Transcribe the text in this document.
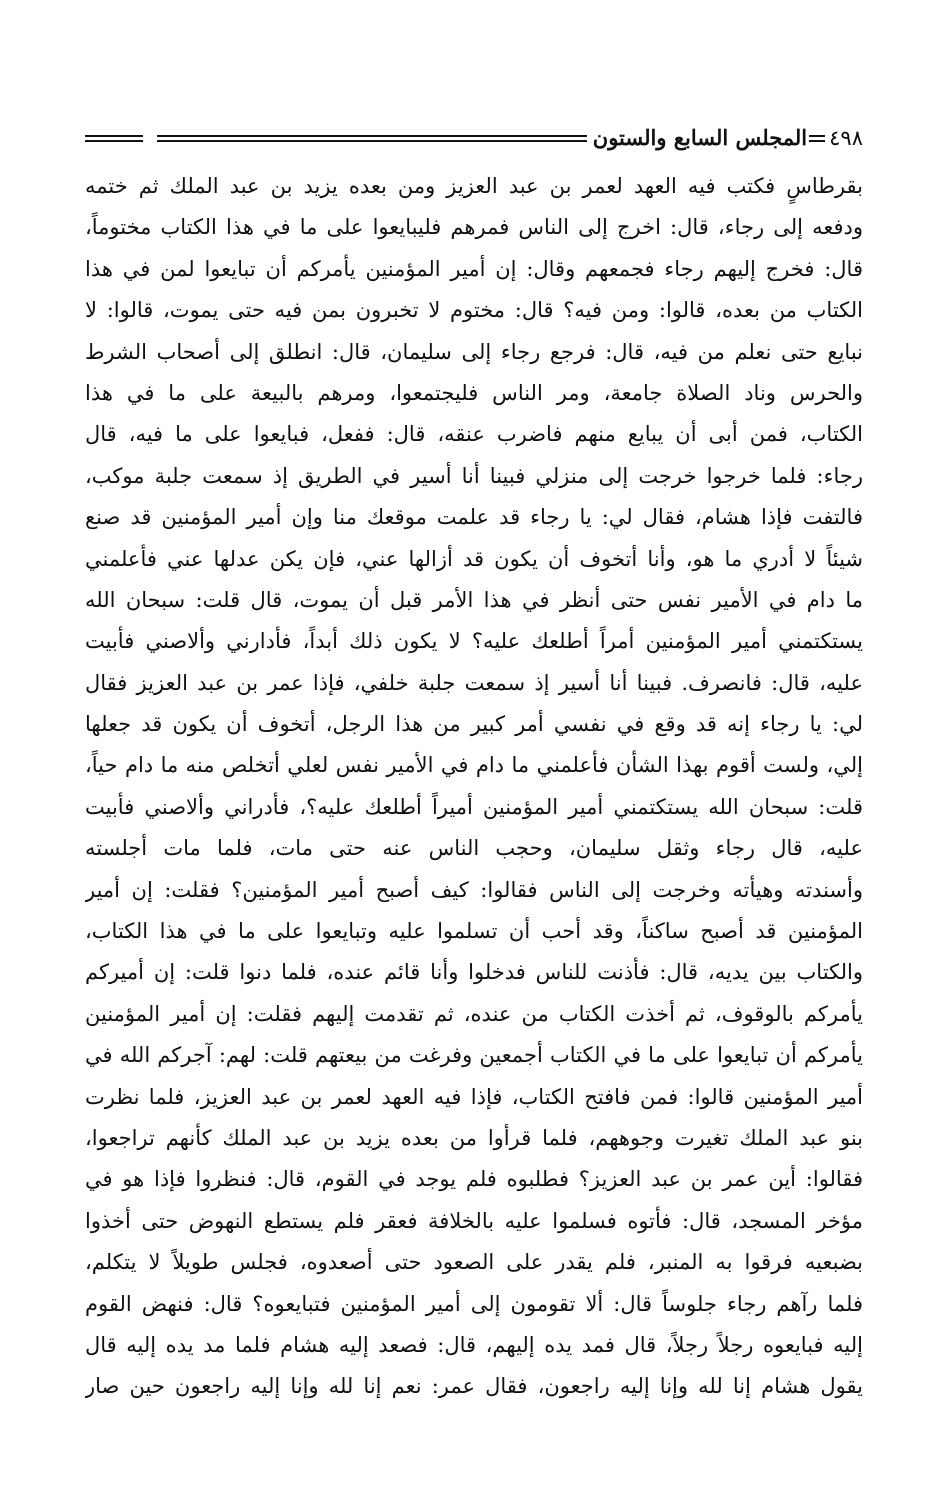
٤٩٨
المجلس السابع والستون
بقرطاسٍ فكتب فيه العهد لعمر بن عبد العزيز ومن بعده يزيد بن عبد الملك ثم ختمه
ودفعه إلى رجاء، قال: اخرج إلى الناس فمرهم فليبايعوا على ما في هذا الكتاب مختوماً،
قال: فخرج إليهم رجاء فجمعهم وقال: إن أمير المؤمنين يأمركم أن تبايعوا لمن في هذا
الكتاب من بعده، قالوا: ومن فيه؟ قال: مختوم لا تخبرون بمن فيه حتى يموت، قالوا: لا
نبايع حتى نعلم من فيه، قال: فرجع رجاء إلى سليمان، قال: انطلق إلى أصحاب الشرط
والحرس وناد الصلاة جامعة، ومر الناس فليجتمعوا، ومرهم بالبيعة على ما في هذا
الكتاب، فمن أبى أن يبايع منهم فاضرب عنقه، قال: ففعل، فبايعوا على ما فيه، قال
رجاء: فلما خرجوا خرجت إلى منزلي فبينا أنا أسير في الطريق إذ سمعت جلبة موكب،
فالتفت فإذا هشام، فقال لي: يا رجاء قد علمت موقعك منا وإن أمير المؤمنين قد صنع
شيئاً لا أدري ما هو، وأنا أتخوف أن يكون قد أزالها عني، فإن يكن عدلها عني فأعلمني
ما دام في الأمير نفس حتى أنظر في هذا الأمر قبل أن يموت، قال قلت: سبحان الله
يستكتمني أمير المؤمنين أمراً أطلعك عليه؟ لا يكون ذلك أبداً، فأدارني وألاصني فأبيت
عليه، قال: فانصرف. فبينا أنا أسير إذ سمعت جلبة خلفي، فإذا عمر بن عبد العزيز فقال
لي: يا رجاء إنه قد وقع في نفسي أمر كبير من هذا الرجل، أتخوف أن يكون قد جعلها
إلي، ولست أقوم بهذا الشأن فأعلمني ما دام في الأمير نفس لعلي أتخلص منه ما دام حياً،
قلت: سبحان الله يستكتمني أمير المؤمنين أميراً أطلعك عليه؟، فأدراني وألاصني فأبيت
عليه، قال رجاء وثقل سليمان، وحجب الناس عنه حتى مات، فلما مات أجلسته
وأسندته وهيأته وخرجت إلى الناس فقالوا: كيف أصبح أمير المؤمنين؟ فقلت: إن أمير
المؤمنين قد أصبح ساكناً، وقد أحب أن تسلموا عليه وتبايعوا على ما في هذا الكتاب،
والكتاب بين يديه، قال: فأذنت للناس فدخلوا وأنا قائم عنده، فلما دنوا قلت: إن أميركم
يأمركم بالوقوف، ثم أخذت الكتاب من عنده، ثم تقدمت إليهم فقلت: إن أمير المؤمنين
يأمركم أن تبايعوا على ما في الكتاب أجمعين وفرغت من بيعتهم قلت: لهم: آجركم الله في
أمير المؤمنين قالوا: فمن فافتح الكتاب، فإذا فيه العهد لعمر بن عبد العزيز، فلما نظرت
بنو عبد الملك تغيرت وجوههم، فلما قرأوا من بعده يزيد بن عبد الملك كأنهم تراجعوا،
فقالوا: أين عمر بن عبد العزيز؟ فطلبوه فلم يوجد في القوم، قال: فنظروا فإذا هو في
مؤخر المسجد، قال: فأتوه فسلموا عليه بالخلافة فعقر فلم يستطع النهوض حتى أخذوا
بضبعيه فرقوا به المنبر، فلم يقدر على الصعود حتى أصعدوه، فجلس طويلاً لا يتكلم،
فلما رآهم رجاء جلوساً قال: ألا تقومون إلى أمير المؤمنين فتبايعوه؟ قال: فنهض القوم
إليه فبايعوه رجلاً رجلاً، قال فمد يده إليهم، قال: فصعد إليه هشام فلما مد يده إليه قال
يقول هشام إنا لله وإنا إليه راجعون، فقال عمر: نعم إنا لله وإنا إليه راجعون حين صار
